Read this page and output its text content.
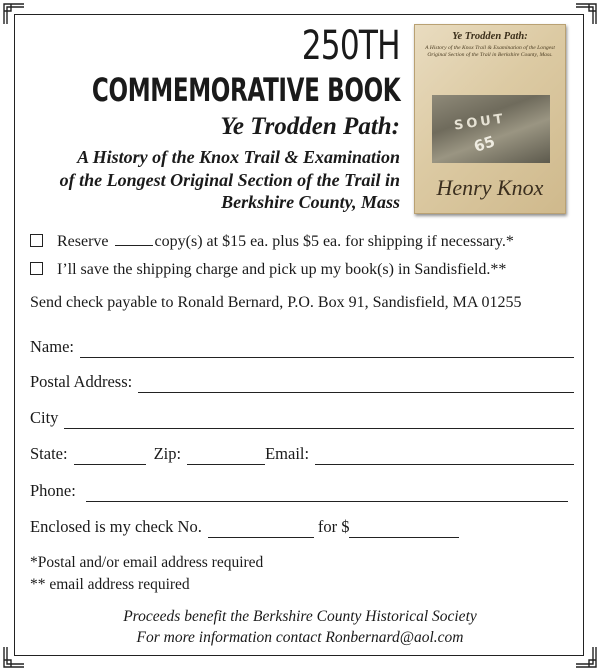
250TH
COMMEMORATIVE BOOK
Ye Trodden Path:
A History of the Knox Trail & Examination
of the Longest Original Section of the Trail in
Berkshire County, Mass
Ye Trodden Path:
A History of the Knox Trail & Examination of the Longest Original Section of the Trail in Berkshire County, Mass.
SOUT
65
Henry Knox
Reserve	copy(s) at $15 ea. plus $5 ea. for shipping if necessary.*
I’ll save the shipping charge and pick up my book(s) in Sandisfield.**
Send check payable to Ronald Bernard, P.O. Box 91, Sandisfield, MA 01255
Name:
Postal Address:
City
State:	Zip:	Email:
Phone:
Enclosed is my check No.	for $
*Postal and/or email address required
** email address required
Proceeds benefit the Berkshire County Historical Society
For more information contact Ronbernard@aol.com
